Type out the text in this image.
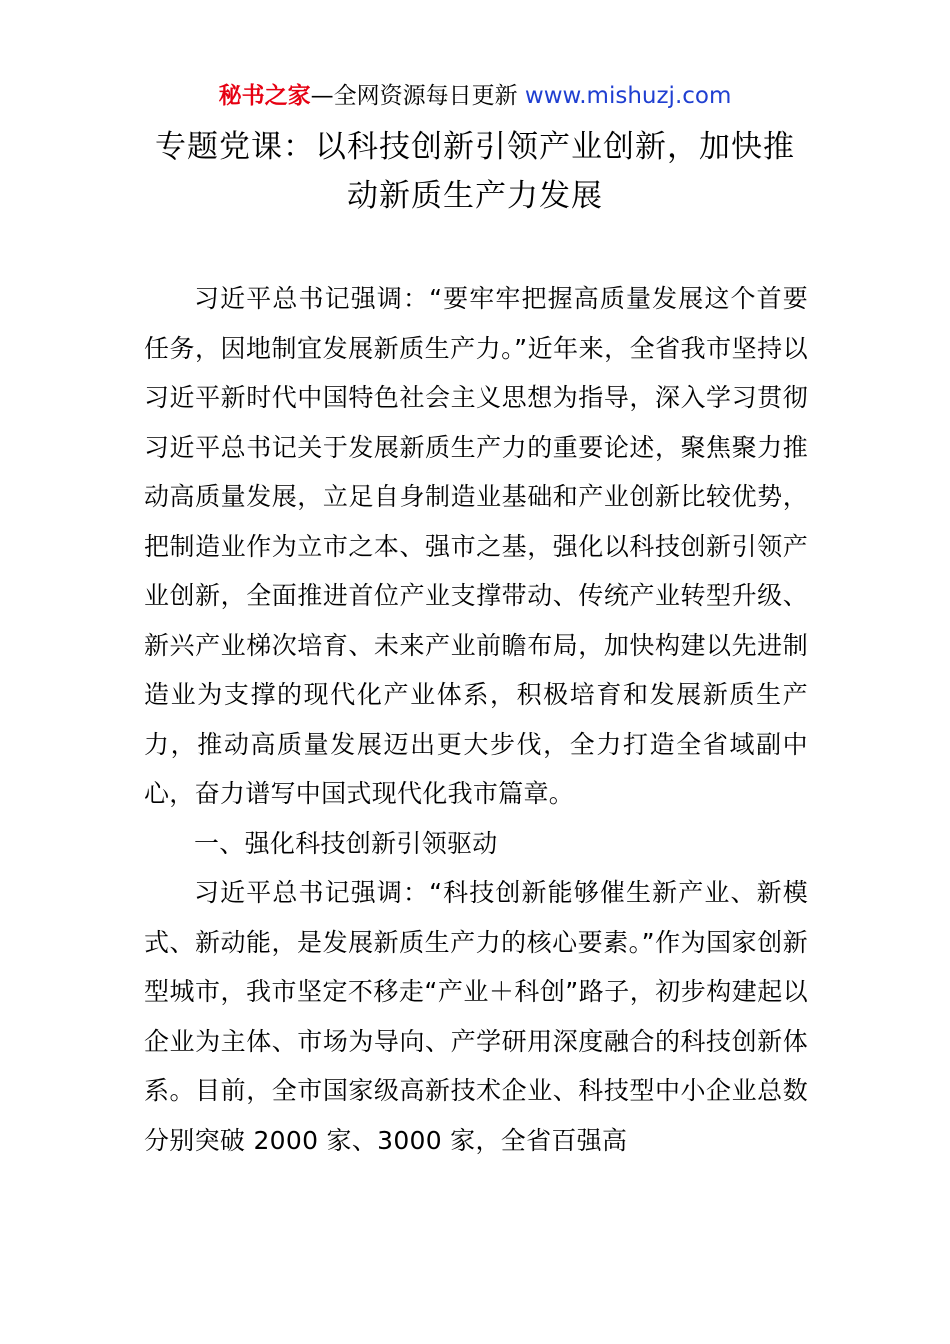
秘书之家—全网资源每日更新 www.mishuzj.com
专题党课：以科技创新引领产业创新，加快推动新质生产力发展

习近平总书记强调：“要牢牢把握高质量发展这个首要任务，因地制宜发展新质生产力。”近年来，全省我市坚持以习近平新时代中国特色社会主义思想为指导，深入学习贯彻习近平总书记关于发展新质生产力的重要论述，聚焦聚力推动高质量发展，立足自身制造业基础和产业创新比较优势，把制造业作为立市之本、强市之基，强化以科技创新引领产业创新，全面推进首位产业支撑带动、传统产业转型升级、新兴产业梯次培育、未来产业前瞻布局，加快构建以先进制造业为支撑的现代化产业体系，积极培育和发展新质生产力，推动高质量发展迈出更大步伐，全力打造全省域副中心，奋力谱写中国式现代化我市篇章。

一、强化科技创新引领驱动

习近平总书记强调：“科技创新能够催生新产业、新模式、新动能，是发展新质生产力的核心要素。”作为国家创新型城市，我市坚定不移走“产业＋科创”路子，初步构建起以企业为主体、市场为导向、产学研用深度融合的科技创新体系。目前，全市国家级高新技术企业、科技型中小企业总数分别突破 2000 家、3000 家，全省百强高
